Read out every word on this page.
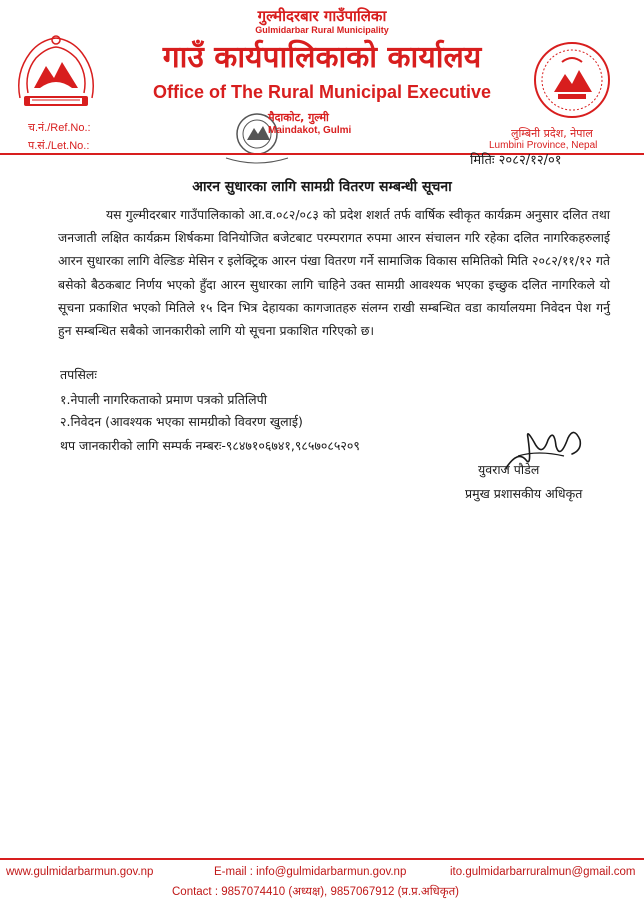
गुल्मीदरबार गाउँपालिका
Gulmidarbar Rural Municipality
गाउँ कार्यपालिकाको कार्यालय
Office of The Rural Municipal Executive
च.नं./Ref.No.:
प.सं./Let.No.:
मैदाकोट, गुल्मी
Maindakot, Gulmi	लुम्बिनी प्रदेश, नेपाल
Lumbini Province, Nepal
मितिः २०८२/१२/०१
आरन सुधारका लागि सामग्री वितरण सम्बन्धी सूचना
यस गुल्मीदरबार गाउँपालिकाको आ.व.०८२/०८३ को प्रदेश शशर्त तर्फ वार्षिक स्वीकृत कार्यक्रम अनुसार दलित तथा जनजाती लक्षित कार्यक्रम शिर्षकमा विनियोजित बजेटबाट परम्परागत रुपमा आरन संचालन गरि रहेका दलित नागरिकहरुलाई आरन सुधारका लागि वेल्डिङ मेसिन र इलेक्ट्रिक आरन पंखा वितरण गर्ने सामाजिक विकास समितिको मिति २०८२/११/१२ गते बसेको बैठकबाट निर्णय भएको हुँदा आरन सुधारका लागि चाहिने उक्त सामग्री आवश्यक भएका इच्छुक दलित नागरिकले यो सूचना प्रकाशित भएको मितिले १५ दिन भित्र देहायका कागजातहरु संलग्न राखी सम्बन्धित वडा कार्यालयमा निवेदन पेश गर्नु हुन सम्बन्धित सबैको जानकारीको लागि यो सूचना प्रकाशित गरिएको छ।
तपसिलः
१.नेपाली नागरिकताको प्रमाण पत्रको प्रतिलिपी
२.निवेदन (आवश्यक भएका सामग्रीको विवरण खुलाई)
थप जानकारीको लागि सम्पर्क नम्बरः-९८४७१०६७४१,९८५७०८५२०९
युवराज पौडेल
प्रमुख प्रशासकीय अधिकृत
www.gulmidarbarmun.gov.np	E-mail : info@gulmidarbarmun.gov.np	ito.gulmidarbarruralmun@gmail.com
Contact : 9857074410 (अध्यक्ष), 9857067912 (प्र.प्र.अधिकृत)
